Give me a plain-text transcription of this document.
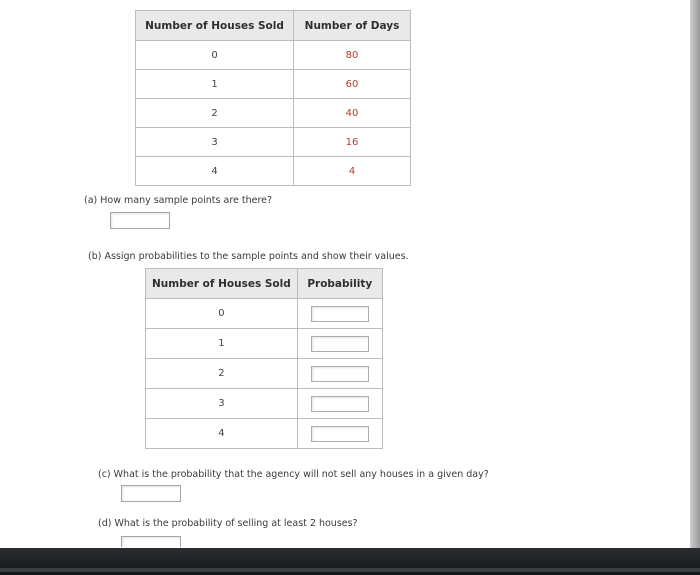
Number of Houses Sold	Number of Days
0	80
1	60
2	40
3	16
4	4
(a) How many sample points are there?
(b) Assign probabilities to the sample points and show their values.
Number of Houses Sold	Probability
0	

1	

2	

3	

4	
(c) What is the probability that the agency will not sell any houses in a given day?
(d) What is the probability of selling at least 2 houses?
